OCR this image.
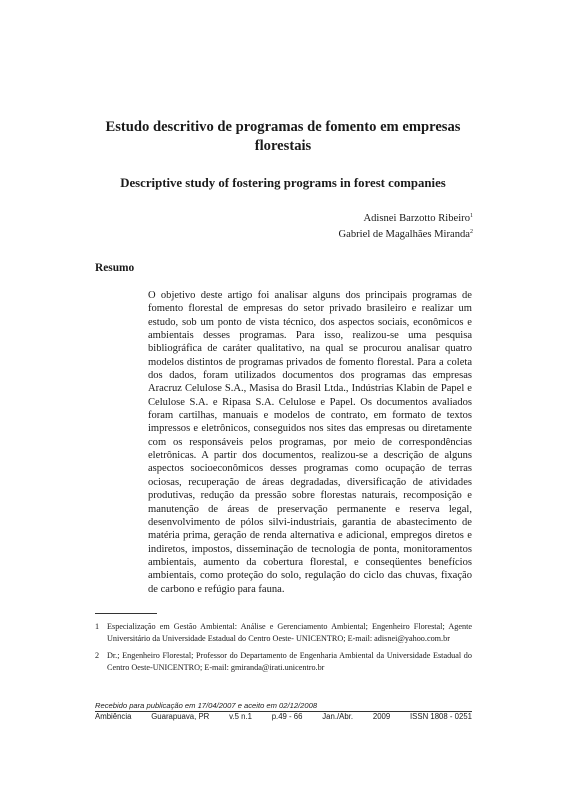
Estudo descritivo de programas de fomento em empresas
florestais
Descriptive study of fostering programs in forest companies
Adisnei Barzotto Ribeiro$^1$
Gabriel de Magalhães Miranda$^2$
Resumo

O objetivo deste artigo foi analisar alguns dos principais programas de fomento florestal de empresas do setor privado brasileiro e realizar um estudo, sob um ponto de vista técnico, dos aspectos sociais, econômicos e ambientais desses programas. Para isso, realizou-se uma pesquisa bibliográfica de caráter qualitativo, na qual se procurou analisar quatro modelos distintos de programas privados de fomento florestal. Para a coleta dos dados, foram utilizados documentos dos programas das empresas Aracruz Celulose S.A., Masisa do Brasil Ltda., Indústrias Klabin de Papel e Celulose S.A. e Ripasa S.A. Celulose e Papel. Os documentos avaliados foram cartilhas, manuais e modelos de contrato, em formato de textos impressos e eletrônicos, conseguidos nos sites das empresas ou diretamente com os responsáveis pelos programas, por meio de correspondências eletrônicas. A partir dos documentos, realizou-se a descrição de alguns aspectos socioeconômicos desses programas como ocupação de terras ociosas, recuperação de áreas degradadas, diversificação de atividades produtivas, redução da pressão sobre florestas naturais, recomposição e manutenção de áreas de preservação permanente e reserva legal, desenvolvimento de pólos silvi-industriais, garantia de abastecimento de matéria prima, geração de renda alternativa e adicional, empregos diretos e indiretos, impostos, disseminação de tecnologia de ponta, monitoramentos ambientais, aumento da cobertura florestal, e conseqüentes benefícios ambientais, como proteção do solo, regulação do ciclo das chuvas, fixação de carbono e refúgio para fauna.

1 Especialização em Gestão Ambiental: Análise e Gerenciamento Ambiental; Engenheiro Florestal; Agente Universitário da Universidade Estadual do Centro Oeste- UNICENTRO; E-mail: adisnei@yahoo.com.br
2 Dr.; Engenheiro Florestal; Professor do Departamento de Engenharia Ambiental da Universidade Estadual do Centro Oeste-UNICENTRO; E-mail: gmiranda@irati.unicentro.br
Recebido para publicação em 17/04/2007 e aceito em 02/12/2008
Ambiência	Guarapuava, PR	v.5 n.1	p.49 - 66	Jan./Abr.	2009	ISSN 1808 - 0251
